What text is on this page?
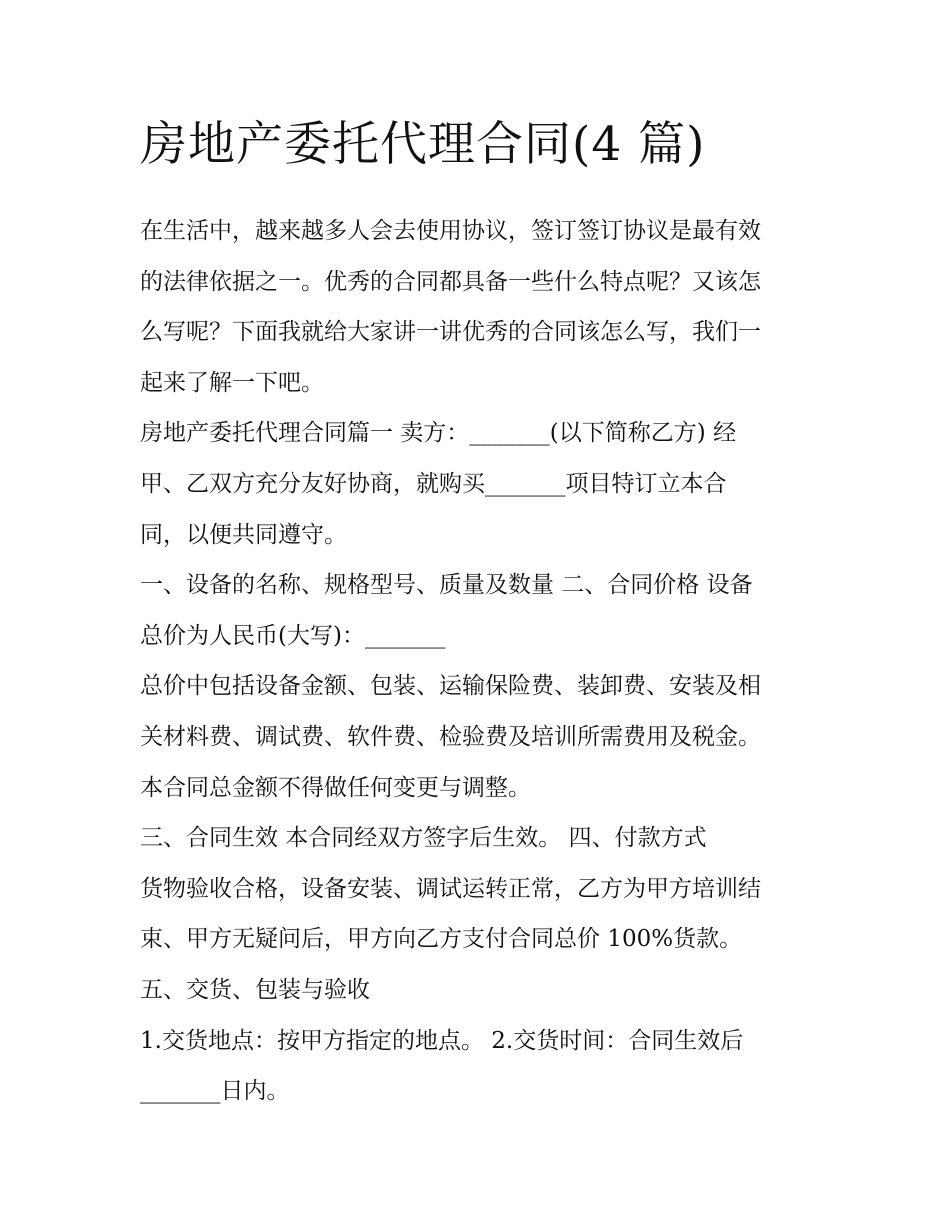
房地产委托代理合同(4 篇)

在生活中，越来越多人会去使用协议，签订签订协议是最有效
的法律依据之一。优秀的合同都具备一些什么特点呢？又该怎
么写呢？下面我就给大家讲一讲优秀的合同该怎么写，我们一
起来了解一下吧。

房地产委托代理合同篇一 卖方：_______(以下简称乙方) 经
甲、乙双方充分友好协商，就购买_______项目特订立本合
同，以便共同遵守。

一、设备的名称、规格型号、质量及数量 二、合同价格 设备
总价为人民币(大写)：_______

总价中包括设备金额、包装、运输保险费、装卸费、安装及相
关材料费、调试费、软件费、检验费及培训所需费用及税金。
本合同总金额不得做任何变更与调整。

三、合同生效 本合同经双方签字后生效。 四、付款方式

货物验收合格，设备安装、调试运转正常，乙方为甲方培训结
束、甲方无疑问后，甲方向乙方支付合同总价 100%货款。

五、交货、包装与验收

1.交货地点：按甲方指定的地点。 2.交货时间：合同生效后
_______日内。
